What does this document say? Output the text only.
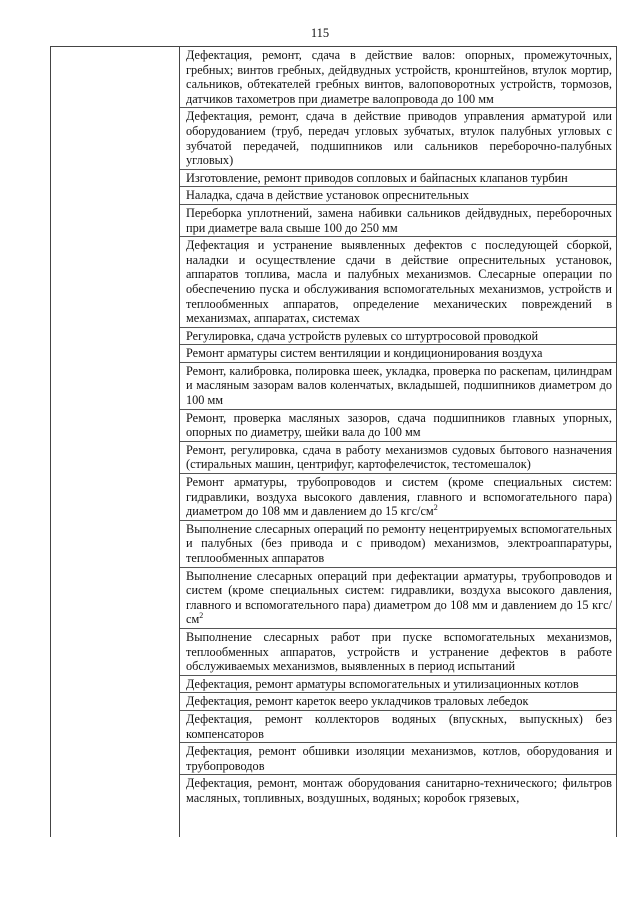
115
Дефектация, ремонт, сдача в действие валов: опорных, промежуточных, гребных; винтов гребных, дейдвудных устройств, кронштейнов, втулок мортир, сальников, обтекателей гребных винтов, валоповоротных устройств, тормозов, датчиков тахометров при диаметре валопровода до 100 мм
Дефектация, ремонт, сдача в действие приводов управления арматурой или оборудованием (труб, передач угловых зубчатых, втулок палубных угловых с зубчатой передачей, подшипников или сальников переборочно-палубных угловых)
Изготовление, ремонт приводов сопловых и байпасных клапанов турбин
Наладка, сдача в действие установок опреснительных
Переборка уплотнений, замена набивки сальников дейдвудных, переборочных при диаметре вала свыше 100 до 250 мм
Дефектация и устранение выявленных дефектов с последующей сборкой, наладки и осуществление сдачи в действие опреснительных установок, аппаратов топлива, масла и палубных механизмов. Слесарные операции по обеспечению пуска и обслуживания вспомогательных механизмов, устройств и теплообменных аппаратов, определение механических повреждений в механизмах, аппаратах, системах
Регулировка, сдача устройств рулевых со штуртросовой проводкой
Ремонт арматуры систем вентиляции и кондиционирования воздуха
Ремонт, калибровка, полировка шеек, укладка, проверка по раскепам, цилиндрам и масляным зазорам валов коленчатых, вкладышей, подшипников диаметром до 100 мм
Ремонт, проверка масляных зазоров, сдача подшипников главных упорных, опорных по диаметру, шейки вала до 100 мм
Ремонт, регулировка, сдача в работу механизмов судовых бытового назначения (стиральных машин, центрифуг, картофелечисток, тестомешалок)
Ремонт арматуры, трубопроводов и систем (кроме специальных систем: гидравлики, воздуха высокого давления, главного и вспомогательного пара) диаметром до 108 мм и давлением до 15 кгс/$см^2$
Выполнение слесарных операций по ремонту нецентрируемых вспомогательных и палубных (без привода и с приводом) механизмов, электроаппаратуры, теплообменных аппаратов
Выполнение слесарных операций при дефектации арматуры, трубопроводов и систем (кроме специальных систем: гидравлики, воздуха высокого давления, главного и вспомогательного пара) диаметром до 108 мм и давлением до 15 кгс/$см^2$
Выполнение слесарных работ при пуске вспомогательных механизмов, теплообменных аппаратов, устройств и устранение дефектов в работе обслуживаемых механизмов, выявленных в период испытаний
Дефектация, ремонт арматуры вспомогательных и утилизационных котлов
Дефектация, ремонт кареток вееро укладчиков траловых лебедок
Дефектация, ремонт коллекторов водяных (впускных, выпускных) без компенсаторов
Дефектация, ремонт обшивки изоляции механизмов, котлов, оборудования и трубопроводов
Дефектация, ремонт, монтаж оборудования санитарно-технического; фильтров масляных, топливных, воздушных, водяных; коробок грязевых,
